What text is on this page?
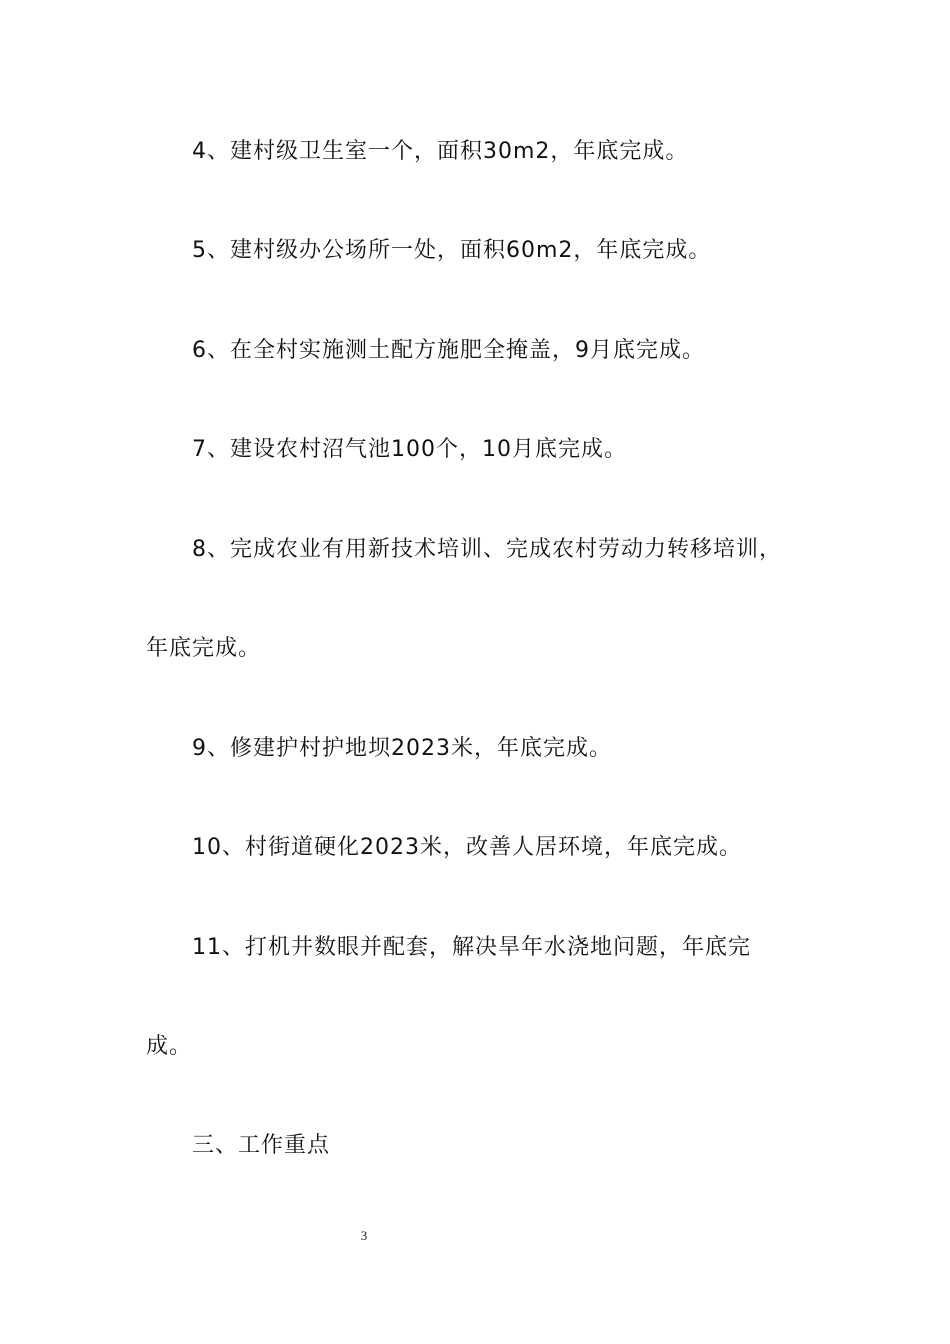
4、建村级卫生室一个，面积30m2，年底完成。
5、建村级办公场所一处，面积60m2，年底完成。
6、在全村实施测土配方施肥全掩盖，9月底完成。
7、建设农村沼气池100个，10月底完成。
8、完成农业有用新技术培训、完成农村劳动力转移培训，
年底完成。
9、修建护村护地坝2023米，年底完成。
10、村街道硬化2023米，改善人居环境，年底完成。
11、打机井数眼并配套，解决旱年水浇地问题，年底完
成。
三、工作重点
3
